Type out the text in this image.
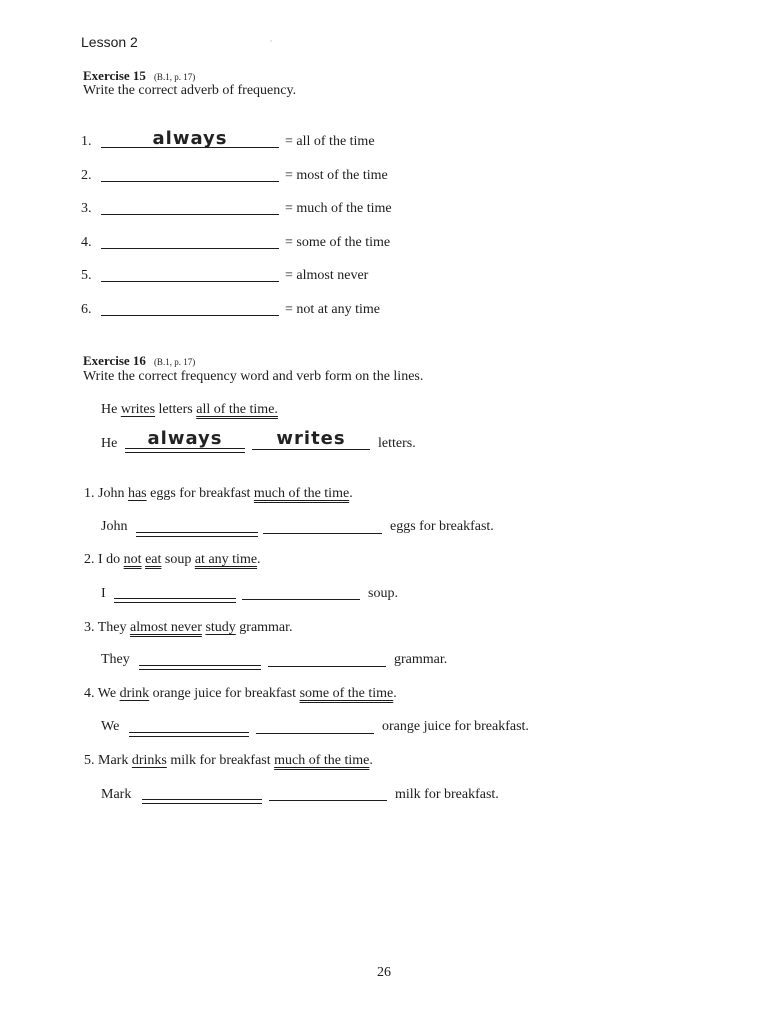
Lesson 2
Exercise 15 (B.1, p. 17)
Write the correct adverb of frequency.
1.	always	= all of the time
2.	= most of the time
3.	= much of the time
4.	= some of the time
5.	= almost never
6.	= not at any time
Exercise 16 (B.1, p. 17)
Write the correct frequency word and verb form on the lines.
He writes letters all of the time.
He	always	writes	letters.
1. John has eggs for breakfast much of the time.
John	eggs for breakfast.
2. I do not eat soup at any time.
I	soup.
3. They almost never study grammar.
They	grammar.
4. We drink orange juice for breakfast some of the time.
We	orange juice for breakfast.
5. Mark drinks milk for breakfast much of the time.
Mark	milk for breakfast.
26
